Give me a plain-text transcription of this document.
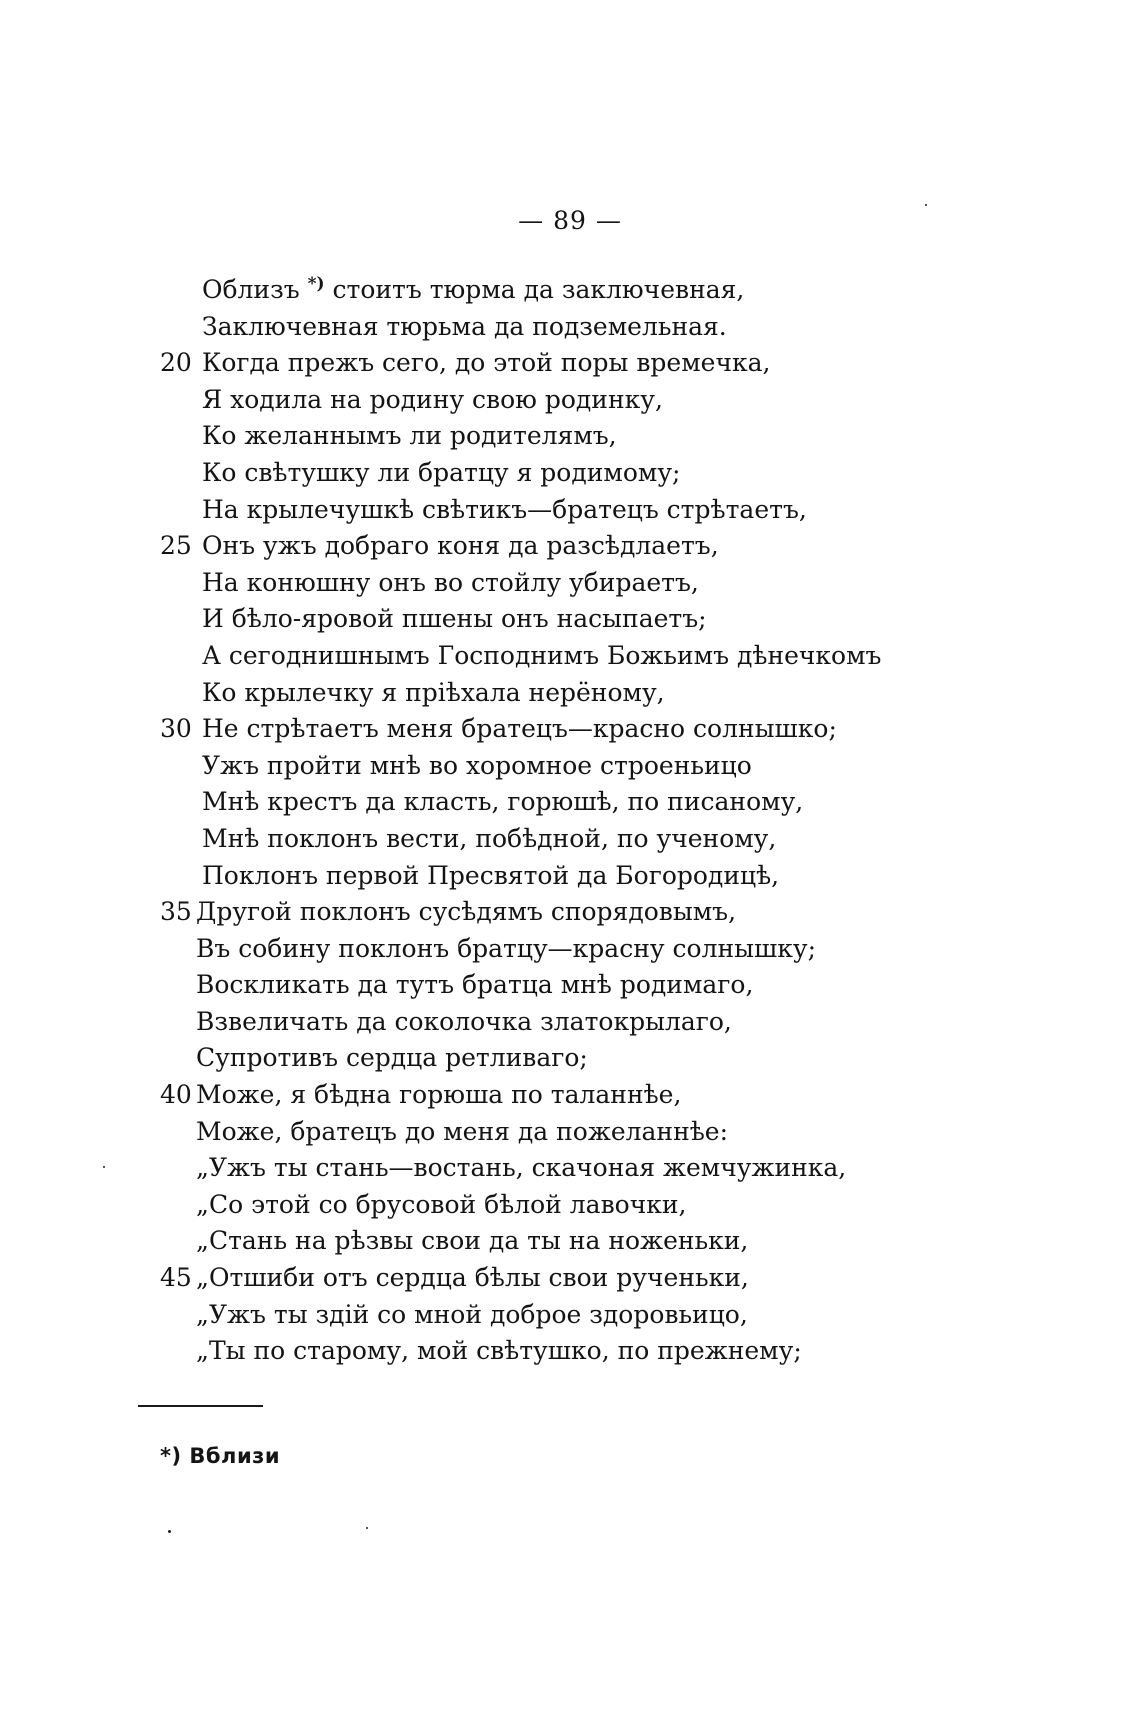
— 89 —
Облизъ *) стоитъ тюрма да заключевная,
Заключевная тюрьма да подземельная.
20 Когда прежъ сего, до этой поры времечка,
Я ходила на родину свою родинку,
Ко желаннымъ ли родителямъ,
Ко свѣтушку ли братцу я родимому;
На крылечушкѣ свѣтикъ—братецъ стрѣтаетъ,
25 Онъ ужъ добраго коня да разсѣдлаетъ,
На конюшну онъ во стойлу убираетъ,
И бѣло-яровой пшены онъ насыпаетъ;
А сегоднишнымъ Господнимъ Божьимъ дѣнечкомъ
Ко крылечку я пріѣхала нерёному,
30 Не стрѣтаетъ меня братецъ—красно солнышко;
Ужъ пройти мнѣ во хоромное строеньицо
Мнѣ крестъ да класть, горюшѣ, по писаному,
Мнѣ поклонъ вести, побѣдной, по ученому,
Поклонъ первой Пресвятой да Богородицѣ,
35 Другой поклонъ сусѣдямъ спорядовымъ,
Въ собину поклонъ братцу—красну солнышку;
Воскликать да тутъ братца мнѣ родимаго,
Взвеличать да соколочка златокрылаго,
Супротивъ сердца ретливаго;
40 Може, я бѣдна горюша по таланнѣе,
Може, братецъ до меня да пожеланнѣе:
„Ужъ ты стань—востань, скачоная жемчужинка,
„Со этой со брусовой бѣлой лавочки,
„Стань на рѣзвы свои да ты на ноженьки,
45 „Отшиби отъ сердца бѣлы свои рученьки,
„Ужъ ты здій со мной доброе здоровьицо,
„Ты по старому, мой свѣтушко, по прежнему;
*) Вблизи
